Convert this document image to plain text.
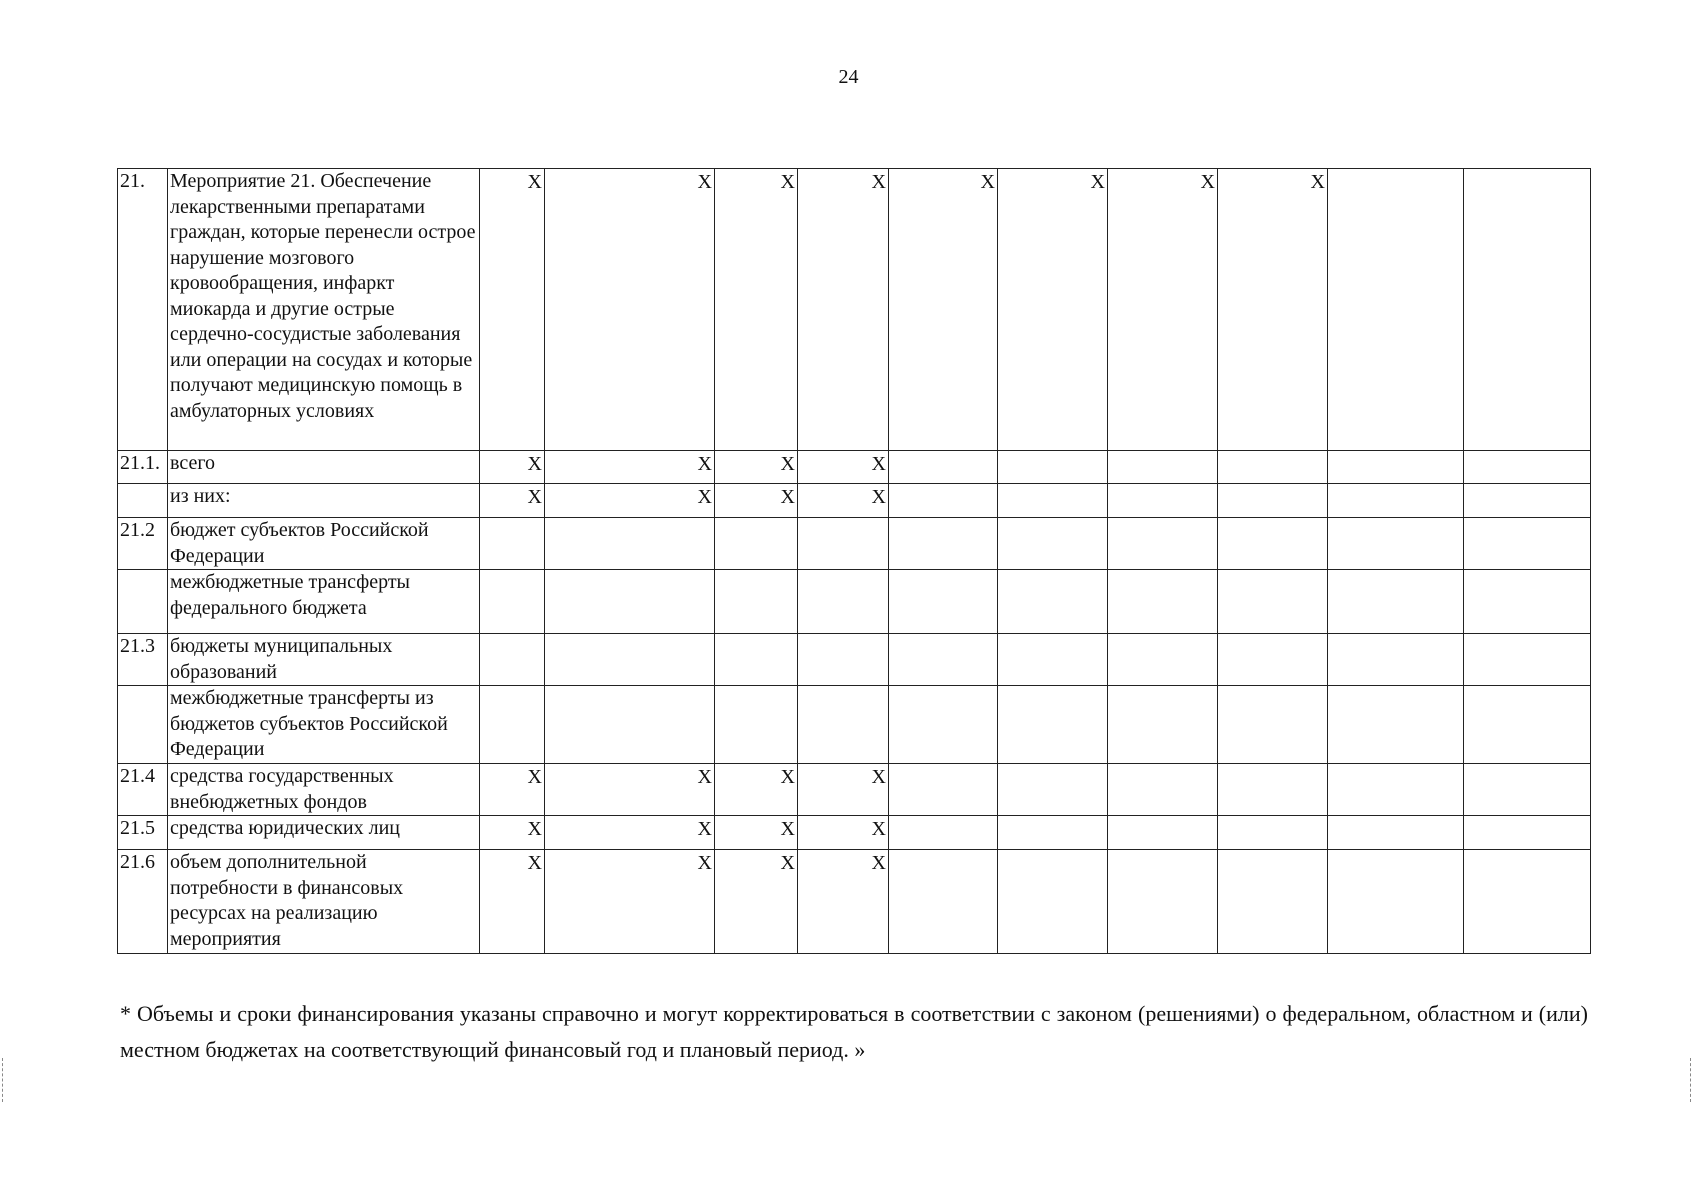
24
21.	Мероприятие 21. Обеспечение лекарственными препаратами граждан, которые перенесли острое нарушение мозгового кровообращения, инфаркт миокарда и другие острые сердечно-сосудистые заболевания или операции на сосудах и которые получают медицинскую помощь в амбулаторных условиях	X	X	X	X	X	X	X	X		
21.1.	всего	X	X	X	X						
	из них:	X	X	X	X						
21.2	бюджет субъектов Российской Федерации										
	межбюджетные трансферты федерального бюджета										
21.3	бюджеты муниципальных образований										
	межбюджетные трансферты из бюджетов субъектов Российской Федерации										
21.4	средства государственных внебюджетных фондов	X	X	X	X						
21.5	средства юридических лиц	X	X	X	X						
21.6	объем дополнительной потребности в финансовых ресурсах на реализацию мероприятия	X	X	X	X						
* Объемы и сроки финансирования указаны справочно и могут корректироваться в соответствии с законом (решениями) о федеральном, областном и (или) местном бюджетах на соответствующий финансовый год и плановый период. »
